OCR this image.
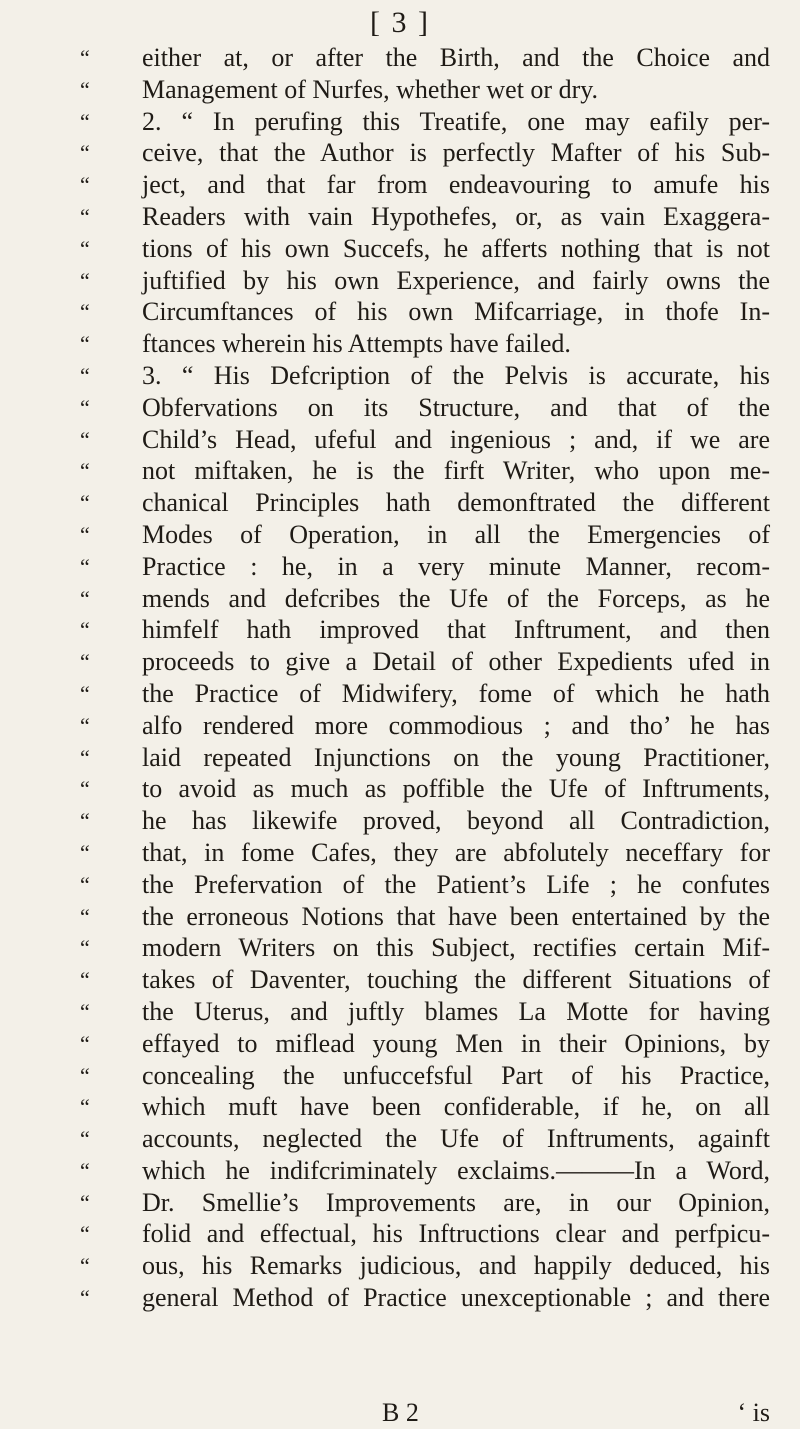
[ 3 ]
“	either at, or after the Birth, and the Choice and
“	Management of Nurfes, whether wet or dry.
“	2. “ In perufing this Treatife, one may eafily per-
“	ceive, that the Author is perfectly Mafter of his Sub-
“	ject, and that far from endeavouring to amufe his
“	Readers with vain Hypothefes, or, as vain Exaggera-
“	tions of his own Succefs, he afferts nothing that is not
“	juftified by his own Experience, and fairly owns the
“	Circumftances of his own Mifcarriage, in thofe In-
“	ftances wherein his Attempts have failed.
“	3. “ His Defcription of the Pelvis is accurate, his
“	Obfervations on its Structure, and that of the
“	Child’s Head, ufeful and ingenious ; and, if we are
“	not miftaken, he is the firft Writer, who upon me-
“	chanical Principles hath demonftrated the different
“	Modes of Operation, in all the Emergencies of
“	Practice : he, in a very minute Manner, recom-
“	mends and defcribes the Ufe of the Forceps, as he
“	himfelf hath improved that Inftrument, and then
“	proceeds to give a Detail of other Expedients ufed in
“	the Practice of Midwifery, fome of which he hath
“	alfo rendered more commodious ; and tho’ he has
“	laid repeated Injunctions on the young Practitioner,
“	to avoid as much as poffible the Ufe of Inftruments,
“	he has likewife proved, beyond all Contradiction,
“	that, in fome Cafes, they are abfolutely neceffary for
“	the Prefervation of the Patient’s Life ; he confutes
“	the erroneous Notions that have been entertained by the
“	modern Writers on this Subject, rectifies certain Mif-
“	takes of Daventer, touching the different Situations of
“	the Uterus, and juftly blames La Motte for having
“	effayed to miflead young Men in their Opinions, by
“	concealing the unfuccefsful Part of his Practice,
“	which muft have been confiderable, if he, on all
“	accounts, neglected the Ufe of Inftruments, againft
“	which he indifcriminately exclaims.———In a Word,
“	Dr. Smellie’s Improvements are, in our Opinion,
“	folid and effectual, his Inftructions clear and perfpicu-
“	ous, his Remarks judicious, and happily deduced, his
“	general Method of Practice unexceptionable ; and there
B 2	‘ is
